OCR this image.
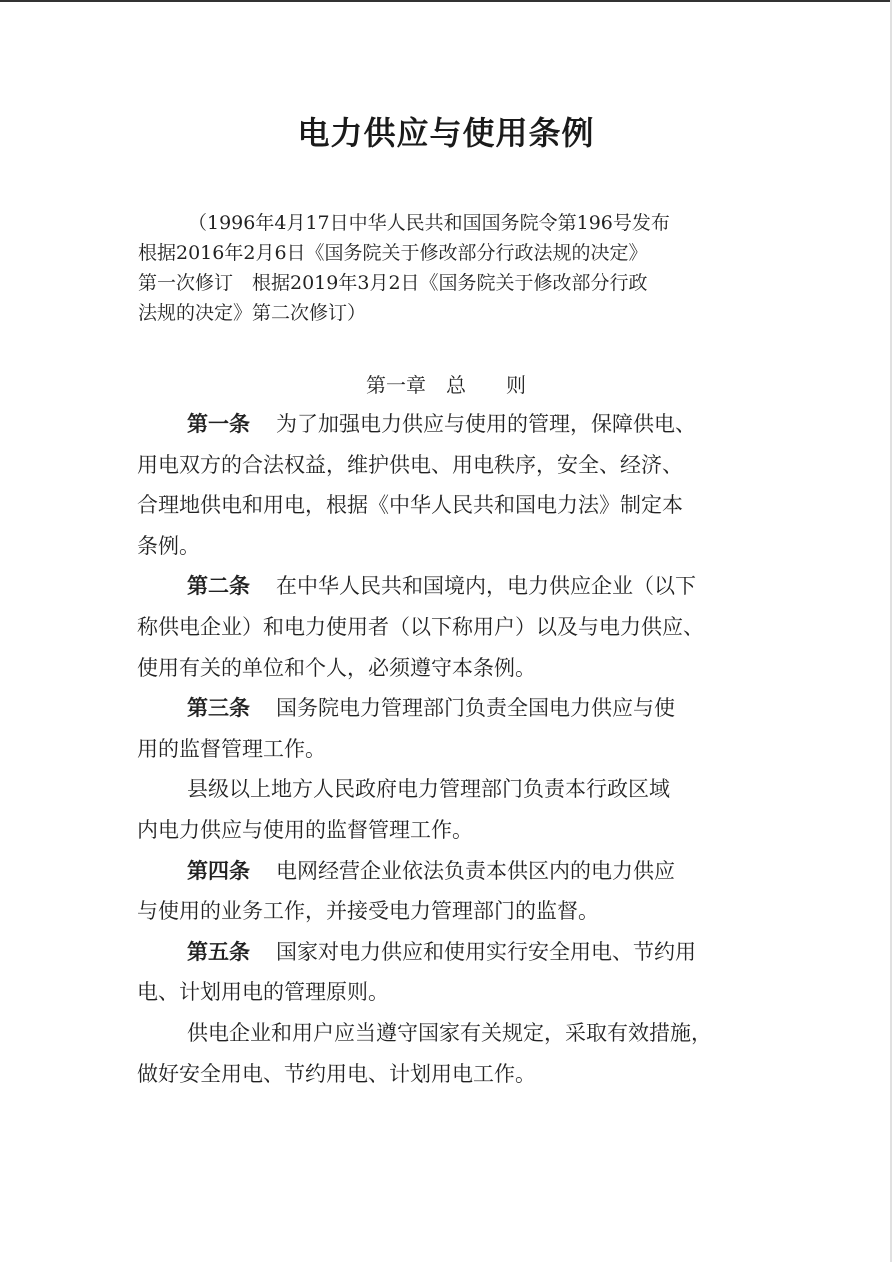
电力供应与使用条例
（1996年4月17日中华人民共和国国务院令第196号发布
根据2016年2月6日《国务院关于修改部分行政法规的决定》
第一次修订　根据2019年3月2日《国务院关于修改部分行政
法规的决定》第二次修订）
第一章　总　　则
第一条 为了加强电力供应与使用的管理，保障供电、
用电双方的合法权益，维护供电、用电秩序，安全、经济、
合理地供电和用电，根据《中华人民共和国电力法》制定本
条例。
第二条 在中华人民共和国境内，电力供应企业（以下
称供电企业）和电力使用者（以下称用户）以及与电力供应、
使用有关的单位和个人，必须遵守本条例。
第三条 国务院电力管理部门负责全国电力供应与使
用的监督管理工作。
县级以上地方人民政府电力管理部门负责本行政区域
内电力供应与使用的监督管理工作。
第四条 电网经营企业依法负责本供区内的电力供应
与使用的业务工作，并接受电力管理部门的监督。
第五条 国家对电力供应和使用实行安全用电、节约用
电、计划用电的管理原则。
供电企业和用户应当遵守国家有关规定，采取有效措施，
做好安全用电、节约用电、计划用电工作。
